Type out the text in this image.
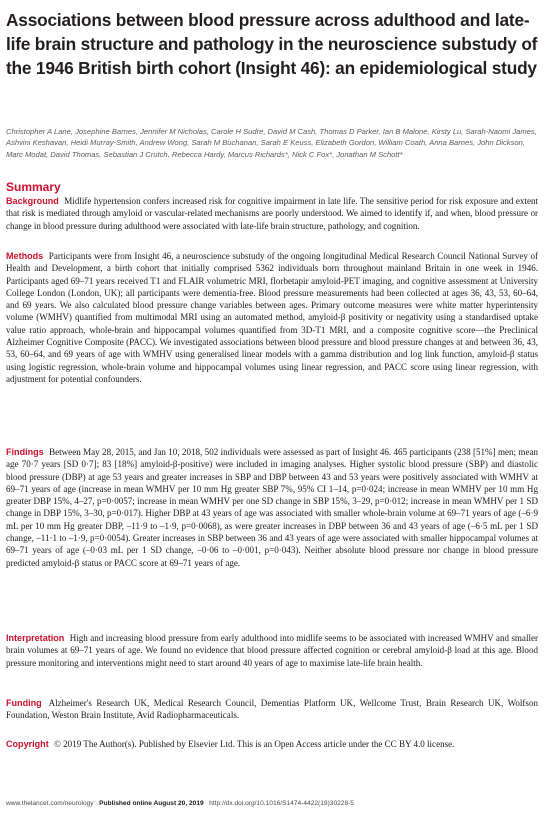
Associations between blood pressure across adulthood and late-life brain structure and pathology in the neuroscience substudy of the 1946 British birth cohort (Insight 46): an epidemiological study
Christopher A Lane, Josephine Barnes, Jennifer M Nicholas, Carole H Sudre, David M Cash, Thomas D Parker, Ian B Malone, Kirsty Lu, Sarah-Naomi James, Ashvini Keshavan, Heidi Murray-Smith, Andrew Wong, Sarah M Buchanan, Sarah E Keuss, Elizabeth Gordon, William Coath, Anna Barnes, John Dickson, Marc Modat, David Thomas, Sebastian J Crutch, Rebecca Hardy, Marcus Richards*, Nick C Fox*, Jonathan M Schott*
Summary
Background Midlife hypertension confers increased risk for cognitive impairment in late life. The sensitive period for risk exposure and extent that risk is mediated through amyloid or vascular-related mechanisms are poorly understood. We aimed to identify if, and when, blood pressure or change in blood pressure during adulthood were associated with late-life brain structure, pathology, and cognition.
Methods Participants were from Insight 46, a neuroscience substudy of the ongoing longitudinal Medical Research Council National Survey of Health and Development, a birth cohort that initially comprised 5362 individuals born throughout mainland Britain in one week in 1946. Participants aged 69–71 years received T1 and FLAIR volumetric MRI, florbetapir amyloid-PET imaging, and cognitive assessment at University College London (London, UK); all participants were dementia-free. Blood pressure measurements had been collected at ages 36, 43, 53, 60–64, and 69 years. We also calculated blood pressure change variables between ages. Primary outcome measures were white matter hyperintensity volume (WMHV) quantified from multimodal MRI using an automated method, amyloid-β positivity or negativity using a standardised uptake value ratio approach, whole-brain and hippocampal volumes quantified from 3D-T1 MRI, and a composite cognitive score—the Preclinical Alzheimer Cognitive Composite (PACC). We investigated associations between blood pressure and blood pressure changes at and between 36, 43, 53, 60–64, and 69 years of age with WMHV using generalised linear models with a gamma distribution and log link function, amyloid-β status using logistic regression, whole-brain volume and hippocampal volumes using linear regression, and PACC score using linear regression, with adjustment for potential confounders.
Findings Between May 28, 2015, and Jan 10, 2018, 502 individuals were assessed as part of Insight 46. 465 participants (238 [51%] men; mean age 70·7 years [SD 0·7]; 83 [18%] amyloid-β-positive) were included in imaging analyses. Higher systolic blood pressure (SBP) and diastolic blood pressure (DBP) at age 53 years and greater increases in SBP and DBP between 43 and 53 years were positively associated with WMHV at 69–71 years of age (increase in mean WMHV per 10 mm Hg greater SBP 7%, 95% CI 1–14, p=0·024; increase in mean WMHV per 10 mm Hg greater DBP 15%, 4–27, p=0·0057; increase in mean WMHV per one SD change in SBP 15%, 3–29, p=0·012; increase in mean WMHV per 1 SD change in DBP 15%, 3–30, p=0·017). Higher DBP at 43 years of age was associated with smaller whole-brain volume at 69–71 years of age (–6·9 mL per 10 mm Hg greater DBP, –11·9 to –1·9, p=0·0068), as were greater increases in DBP between 36 and 43 years of age (–6·5 mL per 1 SD change, –11·1 to –1·9, p=0·0054). Greater increases in SBP between 36 and 43 years of age were associated with smaller hippocampal volumes at 69–71 years of age (–0·03 mL per 1 SD change, –0·06 to –0·001, p=0·043). Neither absolute blood pressure nor change in blood pressure predicted amyloid-β status or PACC score at 69–71 years of age.
Interpretation High and increasing blood pressure from early adulthood into midlife seems to be associated with increased WMHV and smaller brain volumes at 69–71 years of age. We found no evidence that blood pressure affected cognition or cerebral amyloid-β load at this age. Blood pressure monitoring and interventions might need to start around 40 years of age to maximise late-life brain health.
Funding Alzheimer's Research UK, Medical Research Council, Dementias Platform UK, Wellcome Trust, Brain Research UK, Wolfson Foundation, Weston Brain Institute, Avid Radiopharmaceuticals.
Copyright © 2019 The Author(s). Published by Elsevier Ltd. This is an Open Access article under the CC BY 4.0 license.
www.thelancet.com/neurology Published online August 20, 2019 http://dx.doi.org/10.1016/S1474-4422(19)30228-5
